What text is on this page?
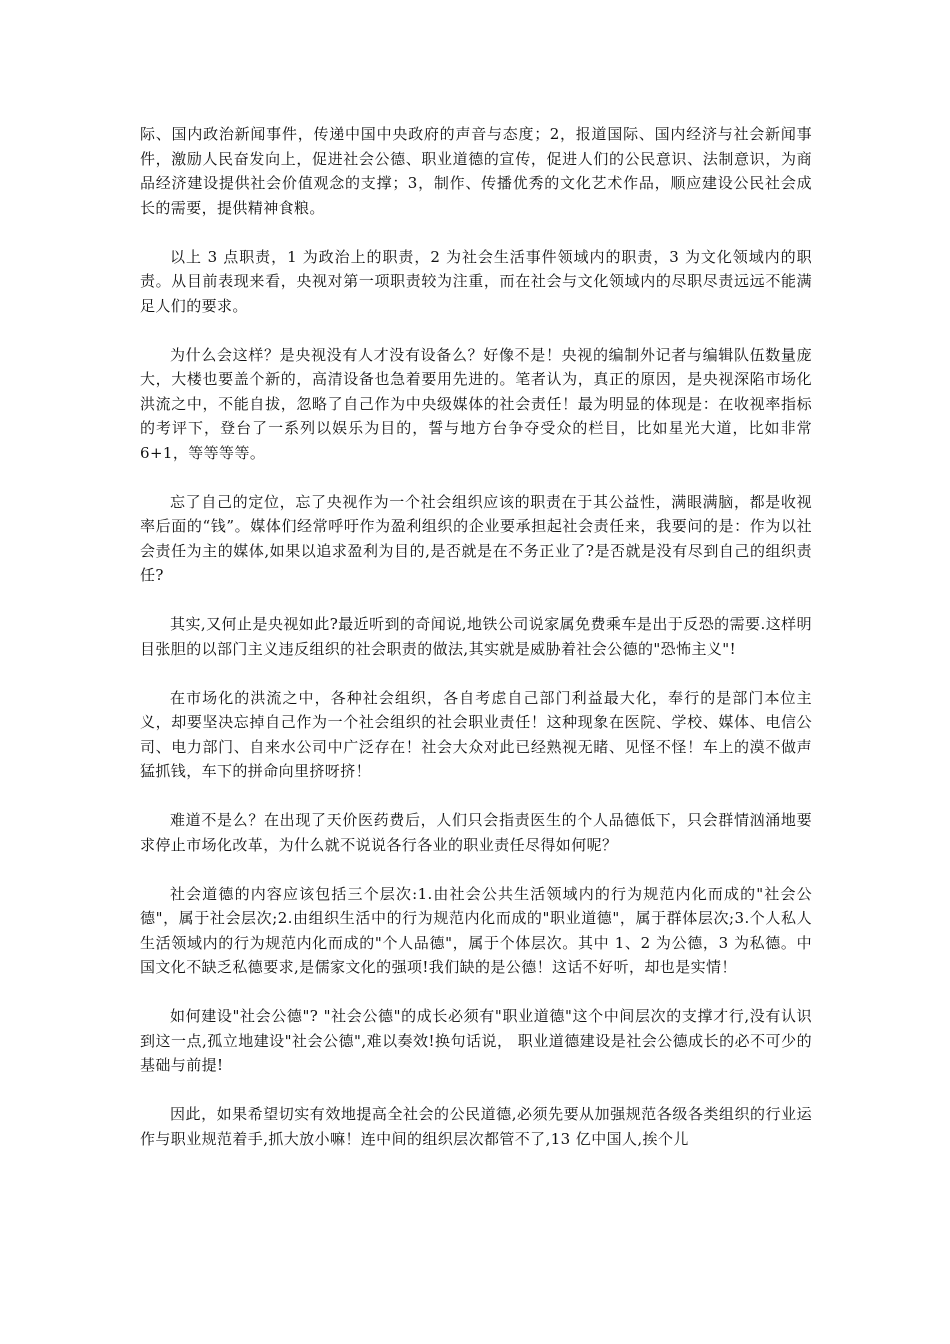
际、国内政治新闻事件，传递中国中央政府的声音与态度；2，报道国际、国内经济与社会新闻事件，激励人民奋发向上，促进社会公德、职业道德的宣传，促进人们的公民意识、法制意识，为商品经济建设提供社会价值观念的支撑；3，制作、传播优秀的文化艺术作品，顺应建设公民社会成长的需要，提供精神食粮。

以上 3 点职责，1 为政治上的职责，2 为社会生活事件领域内的职责，3 为文化领域内的职责。从目前表现来看，央视对第一项职责较为注重，而在社会与文化领域内的尽职尽责远远不能满足人们的要求。

为什么会这样？是央视没有人才没有设备么？好像不是！央视的编制外记者与编辑队伍数量庞大，大楼也要盖个新的，高清设备也急着要用先进的。笔者认为，真正的原因，是央视深陷市场化洪流之中，不能自拔，忽略了自己作为中央级媒体的社会责任！最为明显的体现是：在收视率指标的考评下，登台了一系列以娱乐为目的，誓与地方台争夺受众的栏目，比如星光大道，比如非常 6+1，等等等等。

忘了自己的定位，忘了央视作为一个社会组织应该的职责在于其公益性，满眼满脑，都是收视率后面的“钱”。媒体们经常呼吁作为盈利组织的企业要承担起社会责任来，我要问的是：作为以社会责任为主的媒体,如果以追求盈利为目的,是否就是在不务正业了?是否就是没有尽到自己的组织责任?

其实,又何止是央视如此?最近听到的奇闻说,地铁公司说家属免费乘车是出于反恐的需要.这样明目张胆的以部门主义违反组织的社会职责的做法,其实就是威胁着社会公德的"恐怖主义"!

在市场化的洪流之中，各种社会组织，各自考虑自己部门利益最大化，奉行的是部门本位主义，却要坚决忘掉自己作为一个社会组织的社会职业责任！这种现象在医院、学校、媒体、电信公司、电力部门、自来水公司中广泛存在！社会大众对此已经熟视无睹、见怪不怪！车上的漠不做声猛抓钱，车下的拼命向里挤呀挤！

难道不是么？在出现了天价医药费后，人们只会指责医生的个人品德低下，只会群情汹涌地要求停止市场化改革，为什么就不说说各行各业的职业责任尽得如何呢？

社会道德的内容应该包括三个层次:1.由社会公共生活领域内的行为规范内化而成的"社会公德"，属于社会层次;2.由组织生活中的行为规范内化而成的"职业道德"，属于群体层次;3.个人私人生活领域内的行为规范内化而成的"个人品德"，属于个体层次。其中 1、2 为公德，3 为私德。中国文化不缺乏私德要求,是儒家文化的强项!我们缺的是公德！这话不好听，却也是实情！

如何建设"社会公德"? "社会公德"的成长必须有"职业道德"这个中间层次的支撑才行,没有认识到这一点,孤立地建设"社会公德",难以奏效!换句话说， 职业道德建设是社会公德成长的必不可少的基础与前提!

因此，如果希望切实有效地提高全社会的公民道德,必须先要从加强规范各级各类组织的行业运作与职业规范着手,抓大放小嘛！连中间的组织层次都管不了,13 亿中国人,挨个儿
